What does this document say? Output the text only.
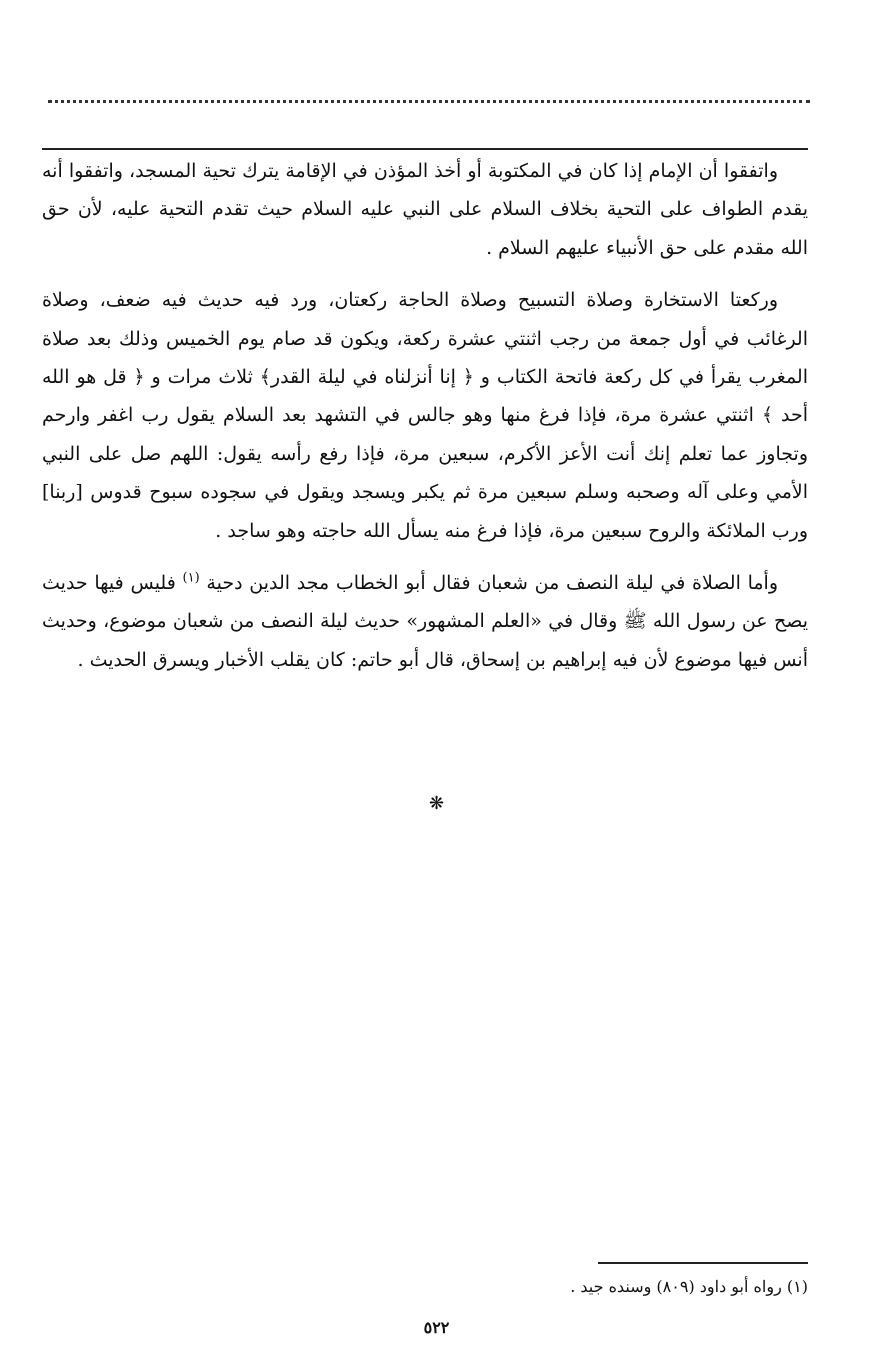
واتفقوا أن الإمام إذا كان في المكتوبة أو أخذ المؤذن في الإقامة يترك تحية المسجد، واتفقوا أنه يقدم الطواف على التحية بخلاف السلام على النبي عليه السلام حيث تقدم التحية عليه، لأن حق الله مقدم على حق الأنبياء عليهم السلام .

وركعتا الاستخارة وصلاة التسبيح وصلاة الحاجة ركعتان، ورد فيه حديث فيه ضعف، وصلاة الرغائب في أول جمعة من رجب اثنتي عشرة ركعة، ويكون قد صام يوم الخميس وذلك بعد صلاة المغرب يقرأ في كل ركعة فاتحة الكتاب و ﴿ إنا أنزلناه في ليلة القدر﴾ ثلاث مرات و ﴿ قل هو الله أحد ﴾ اثنتي عشرة مرة، فإذا فرغ منها وهو جالس في التشهد بعد السلام يقول رب اغفر وارحم وتجاوز عما تعلم إنك أنت الأعز الأكرم، سبعين مرة، فإذا رفع رأسه يقول: اللهم صل على النبي الأمي وعلى آله وصحبه وسلم سبعين مرة ثم يكبر ويسجد ويقول في سجوده سبوح قدوس [ربنا] ورب الملائكة والروح سبعين مرة، فإذا فرغ منه يسأل الله حاجته وهو ساجد .

وأما الصلاة في ليلة النصف من شعبان فقال أبو الخطاب مجد الدين دحية $^{(١)}$ فليس فيها حديث يصح عن رسول الله ﷺ وقال في «العلم المشهور» حديث ليلة النصف من شعبان موضوع، وحديث أنس فيها موضوع لأن فيه إبراهيم بن إسحاق، قال أبو حاتم: كان يقلب الأخبار ويسرق الحديث .

❋
(١) رواه أبو داود (٨٠٩) وسنده جيد .
٥٢٢
